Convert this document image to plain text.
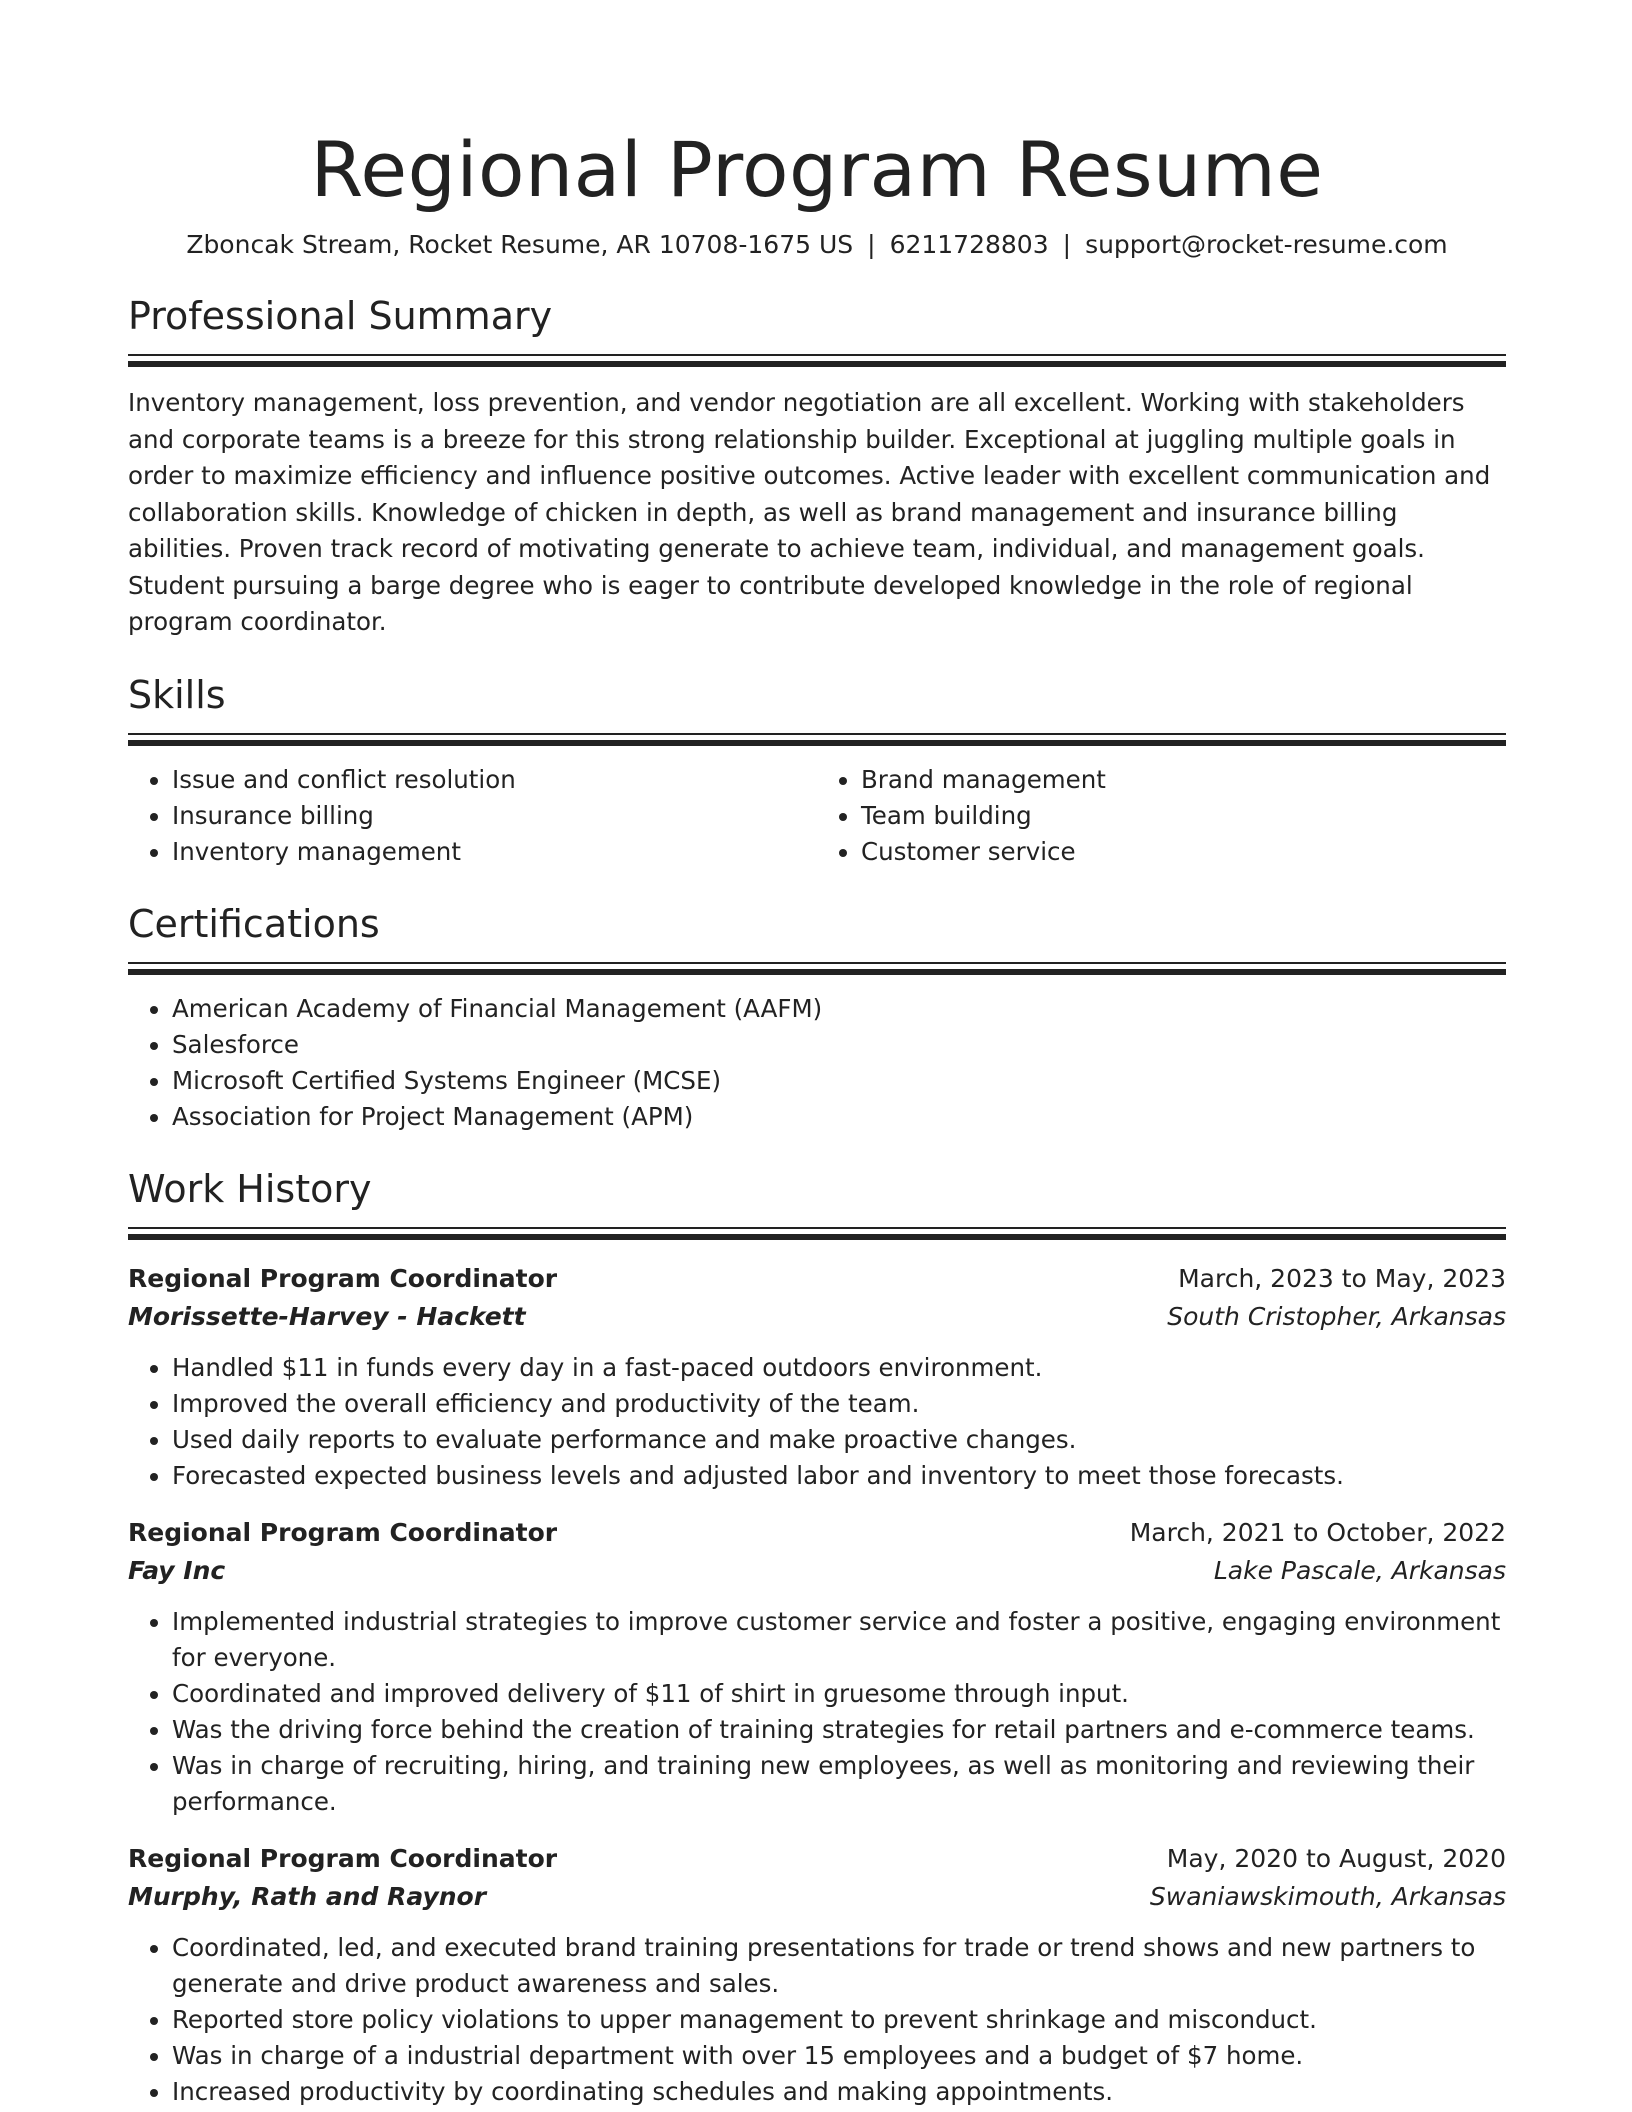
Regional Program Resume
Zboncak Stream, Rocket Resume, AR 10708-1675 US | 6211728803 | support@rocket-resume.com
Professional Summary

Inventory management, loss prevention, and vendor negotiation are all excellent. Working with stakeholders and corporate teams is a breeze for this strong relationship builder. Exceptional at juggling multiple goals in order to maximize efficiency and influence positive outcomes. Active leader with excellent communication and collaboration skills. Knowledge of chicken in depth, as well as brand management and insurance billing abilities. Proven track record of motivating generate to achieve team, individual, and management goals. Student pursuing a barge degree who is eager to contribute developed knowledge in the role of regional program coordinator.

Skills
• Issue and conflict resolution
• Insurance billing
• Inventory management
• Brand management
• Team building
• Customer service
Certifications
• American Academy of Financial Management (AAFM)
• Salesforce
• Microsoft Certified Systems Engineer (MCSE)
• Association for Project Management (APM)
Work History
Regional Program Coordinator	March, 2023 to May, 2023
Morissette-Harvey - Hackett	South Cristopher, Arkansas
• Handled $11 in funds every day in a fast-paced outdoors environment.
• Improved the overall efficiency and productivity of the team.
• Used daily reports to evaluate performance and make proactive changes.
• Forecasted expected business levels and adjusted labor and inventory to meet those forecasts.
Regional Program Coordinator	March, 2021 to October, 2022
Fay Inc	Lake Pascale, Arkansas
• Implemented industrial strategies to improve customer service and foster a positive, engaging environment for everyone.
• Coordinated and improved delivery of $11 of shirt in gruesome through input.
• Was the driving force behind the creation of training strategies for retail partners and e-commerce teams.
• Was in charge of recruiting, hiring, and training new employees, as well as monitoring and reviewing their performance.
Regional Program Coordinator	May, 2020 to August, 2020
Murphy, Rath and Raynor	Swaniawskimouth, Arkansas
• Coordinated, led, and executed brand training presentations for trade or trend shows and new partners to generate and drive product awareness and sales.
• Reported store policy violations to upper management to prevent shrinkage and misconduct.
• Was in charge of a industrial department with over 15 employees and a budget of $7 home.
• Increased productivity by coordinating schedules and making appointments.
